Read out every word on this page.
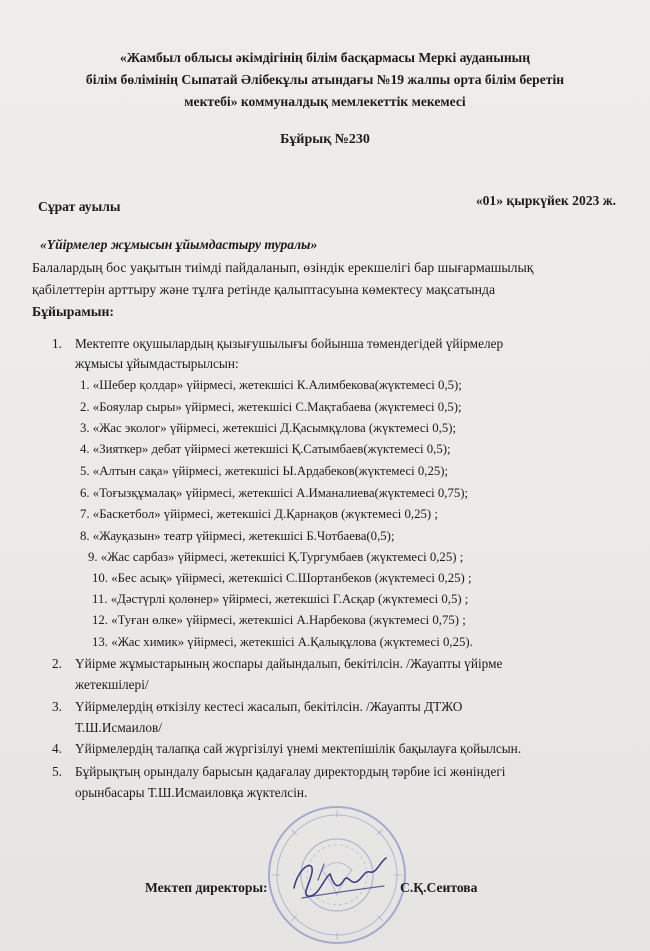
«Жамбыл облысы әкімдігінің білім басқармасы Меркі ауданының
білім бөлімінің Сыпатай Әлібекұлы атындағы №19 жалпы орта білім беретін
мектебі» коммуналдық мемлекеттік мекемесі
Бұйрық №230
Сұрат ауылы	«01» қыркүйек 2023 ж.
«Үйірмелер жұмысын ұйымдастыру туралы»
Балалардың бос уақытын тиімді пайдаланып, өзіндік ерекшелігі бар шығармашылық
қабілеттерін арттыру және тұлға ретінде қалыптасуына көмектесу мақсатында
Бұйырамын:
1. Мектепте оқушылардың қызығушылығы бойынша төмендегідей үйірмелер
жұмысы ұйымдастырылсын:
1. «Шебер қолдар» үйірмесі, жетекшісі К.Алимбекова(жүктемесі 0,5);
2. «Бояулар сыры» үйірмесі, жетекшісі С.Мақтабаева (жүктемесі 0,5);
3. «Жас эколог» үйірмесі, жетекшісі Д.Қасымқұлова (жүктемесі 0,5);
4. «Зияткер» дебат үйірмесі жетекшісі Қ.Сатымбаев(жүктемесі 0,5);
5. «Алтын сақа» үйірмесі, жетекшісі Ы.Ардабеков(жүктемесі 0,25);
6. «Тоғызқұмалақ» үйірмесі, жетекшісі А.Иманалиева(жүктемесі 0,75);
7. «Баскетбол» үйірмесі, жетекшісі Д.Қарнақов (жүктемесі 0,25) ;
8. «Жауқазын» театр үйірмесі, жетекшісі Б.Чотбаева(0,5);
9. «Жас сарбаз» үйірмесі, жетекшісі Қ.Тургумбаев (жүктемесі 0,25) ;
10. «Бес асық» үйірмесі, жетекшісі С.Шортанбеков (жүктемесі 0,25) ;
11. «Дәстүрлі қолөнер» үйірмесі, жетекшісі Г.Асқар (жүктемесі 0,5) ;
12. «Туған өлке» үйірмесі, жетекшісі А.Нарбекова (жүктемесі 0,75) ;
13. «Жас химик» үйірмесі, жетекшісі А.Қалықұлова (жүктемесі 0,25).
2. Үйірме жұмыстарының жоспары дайындалып, бекітілсін. /Жауапты үйірме
жетекшілері/
3. Үйірмелердің өткізілу кестесі жасалып, бекітілсін. /Жауапты ДТЖО
Т.Ш.Исмаилов/
4. Үйірмелердің талапқа сай жүргізілуі үнемі мектепішілік бақылауға қойылсын.
5. Бұйрықтың орындалу барысын қадағалау директордың тәрбие ісі жөніндегі
орынбасары Т.Ш.Исмаиловқа жүктелсін.
Мектеп директоры:	С.Қ.Сеитова
